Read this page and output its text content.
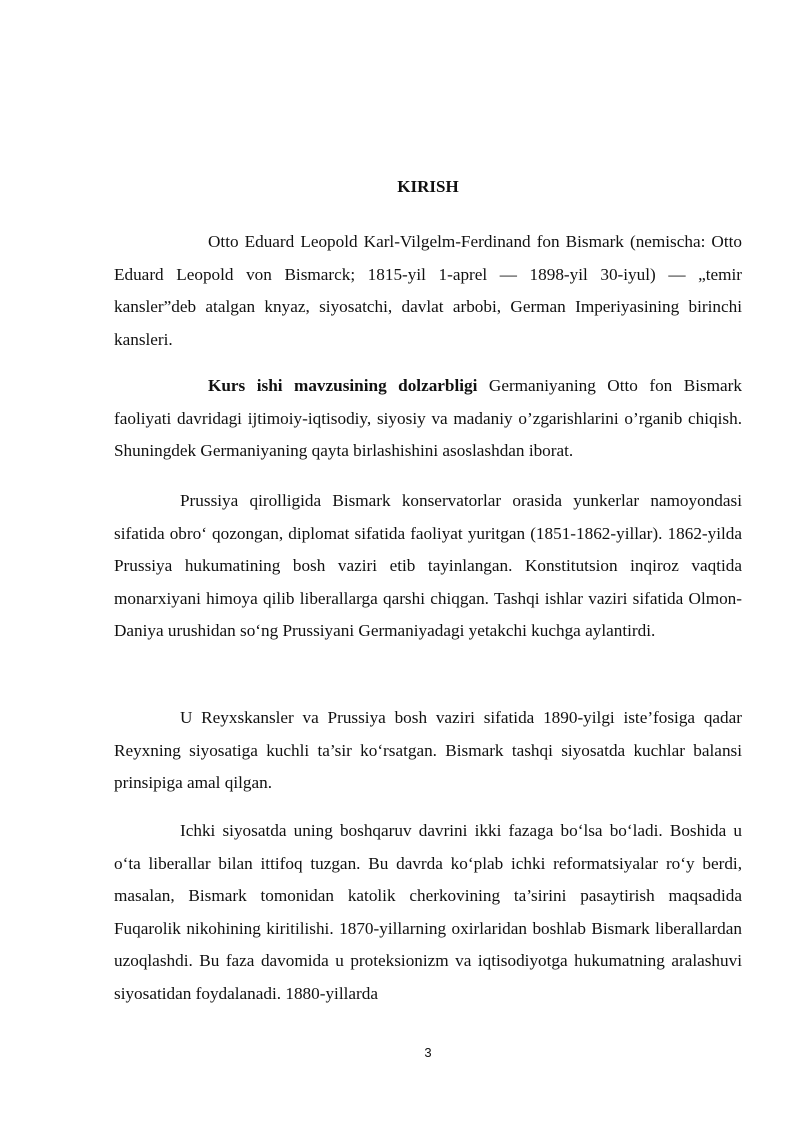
KIRISH

Otto Eduard Leopold Karl-Vilgelm-Ferdinand fon Bismark (nemischa: Otto Eduard Leopold von Bismarck; 1815-yil 1-aprel — 1898-yil 30-iyul) — „temir kansler”deb atalgan knyaz, siyosatchi, davlat arbobi, German Imperiyasining birinchi kansleri.

Kurs ishi mavzusining dolzarbligi Germaniyaning Otto fon Bismark faoliyati davridagi ijtimoiy-iqtisodiy, siyosiy va madaniy o’zgarishlarini o’rganib chiqish. Shuningdek Germaniyaning qayta birlashishini asoslashdan iborat.

Prussiya qirolligida Bismark konservatorlar orasida yunkerlar namoyondasi sifatida obro‘ qozongan, diplomat sifatida faoliyat yuritgan (1851-1862-yillar). 1862-yilda Prussiya hukumatining bosh vaziri etib tayinlangan. Konstitutsion inqiroz vaqtida monarxiyani himoya qilib liberallarga qarshi chiqgan. Tashqi ishlar vaziri sifatida Olmon-Daniya urushidan so‘ng Prussiyani Germaniyadagi yetakchi kuchga aylantirdi.

U Reyxskansler va Prussiya bosh vaziri sifatida 1890-yilgi iste’fosiga qadar Reyxning siyosatiga kuchli ta’sir ko‘rsatgan. Bismark tashqi siyosatda kuchlar balansi prinsipiga amal qilgan.

Ichki siyosatda uning boshqaruv davrini ikki fazaga bo‘lsa bo‘ladi. Boshida u o‘ta liberallar bilan ittifoq tuzgan. Bu davrda ko‘plab ichki reformatsiyalar ro‘y berdi, masalan, Bismark tomonidan katolik cherkovining ta’sirini pasaytirish maqsadida Fuqarolik nikohining kiritilishi. 1870-yillarning oxirlaridan boshlab Bismark liberallardan uzoqlashdi. Bu faza davomida u proteksionizm va iqtisodiyotga hukumatning aralashuvi siyosatidan foydalanadi. 1880-yillarda

3
